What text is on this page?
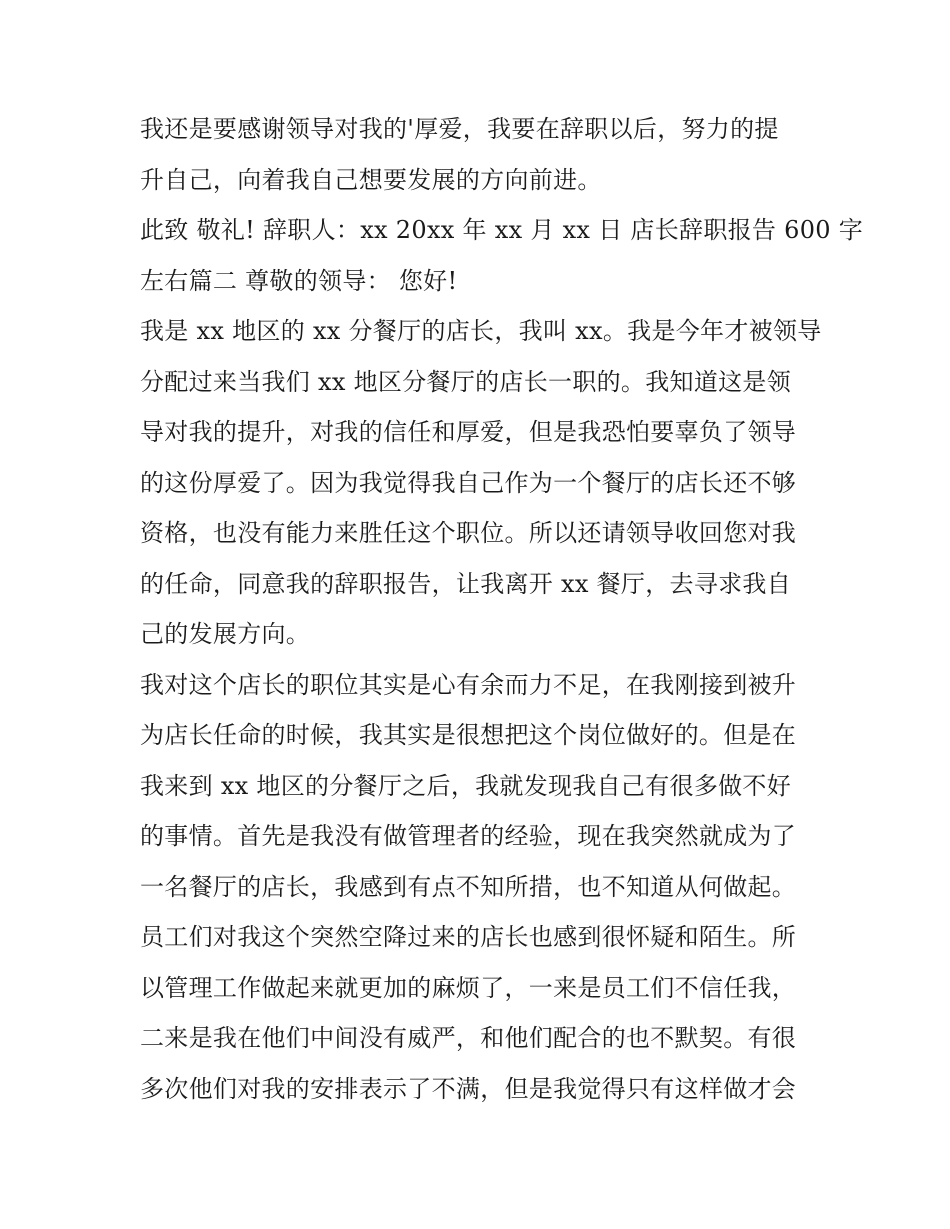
我还是要感谢领导对我的'厚爱，我要在辞职以后，努力的提
升自己，向着我自己想要发展的方向前进。
此致 敬礼! 辞职人：xx 20xx 年 xx 月 xx 日 店长辞职报告 600 字
左右篇二 尊敬的领导： 您好!
我是 xx 地区的 xx 分餐厅的店长，我叫 xx。我是今年才被领导
分配过来当我们 xx 地区分餐厅的店长一职的。我知道这是领
导对我的提升，对我的信任和厚爱，但是我恐怕要辜负了领导
的这份厚爱了。因为我觉得我自己作为一个餐厅的店长还不够
资格，也没有能力来胜任这个职位。所以还请领导收回您对我
的任命，同意我的辞职报告，让我离开 xx 餐厅，去寻求我自
己的发展方向。
我对这个店长的职位其实是心有余而力不足，在我刚接到被升
为店长任命的时候，我其实是很想把这个岗位做好的。但是在
我来到 xx 地区的分餐厅之后，我就发现我自己有很多做不好
的事情。首先是我没有做管理者的经验，现在我突然就成为了
一名餐厅的店长，我感到有点不知所措，也不知道从何做起。
员工们对我这个突然空降过来的店长也感到很怀疑和陌生。所
以管理工作做起来就更加的麻烦了，一来是员工们不信任我，
二来是我在他们中间没有威严，和他们配合的也不默契。有很
多次他们对我的安排表示了不满，但是我觉得只有这样做才会
